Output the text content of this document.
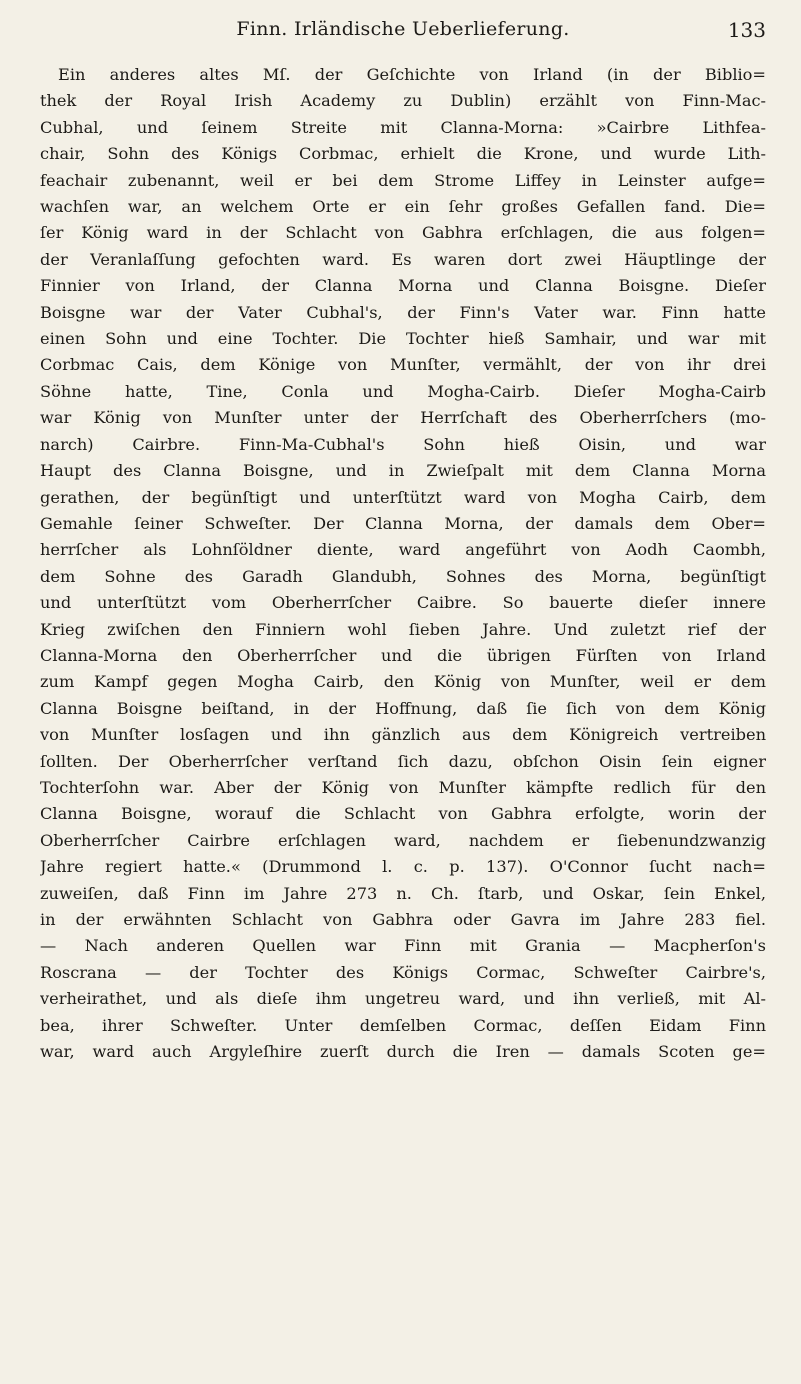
Finn. Irländische Ueberlieferung.	133
Ein anderes altes Mſ. der Geſchichte von Irland (in der Biblio=
thek der Royal Irish Academy zu Dublin) erzählt von Finn-Mac-
Cubhal, und ſeinem Streite mit Clanna-Morna: »Cairbre Lithfea-
chair, Sohn des Königs Corbmac, erhielt die Krone, und wurde Lith-
feachair zubenannt, weil er bei dem Strome Liffey in Leinster aufge=
wachſen war, an welchem Orte er ein ſehr großes Gefallen fand. Die=
ſer König ward in der Schlacht von Gabhra erſchlagen, die aus folgen=
der Veranlaſſung gefochten ward. Es waren dort zwei Häuptlinge der
Finnier von Irland, der Clanna Morna und Clanna Boisgne. Dieſer
Boisgne war der Vater Cubhal's, der Finn's Vater war. Finn hatte
einen Sohn und eine Tochter. Die Tochter hieß Samhair, und war mit
Corbmac Cais, dem Könige von Munſter, vermählt, der von ihr drei
Söhne hatte, Tine, Conla und Mogha-Cairb. Dieſer Mogha-Cairb
war König von Munſter unter der Herrſchaft des Oberherrſchers (mo-
narch) Cairbre. Finn-Ma-Cubhal's Sohn hieß Oisin, und war
Haupt des Clanna Boisgne, und in Zwieſpalt mit dem Clanna Morna
gerathen, der begünſtigt und unterſtützt ward von Mogha Cairb, dem
Gemahle ſeiner Schweſter. Der Clanna Morna, der damals dem Ober=
herrſcher als Lohnſöldner diente, ward angeführt von Aodh Caombh,
dem Sohne des Garadh Glandubh, Sohnes des Morna, begünſtigt
und unterſtützt vom Oberherrſcher Caibre. So bauerte dieſer innere
Krieg zwiſchen den Finniern wohl ſieben Jahre. Und zuletzt rief der
Clanna-Morna den Oberherrſcher und die übrigen Fürſten von Irland
zum Kampf gegen Mogha Cairb, den König von Munſter, weil er dem
Clanna Boisgne beiſtand, in der Hoffnung, daß ſie ſich von dem König
von Munſter losſagen und ihn gänzlich aus dem Königreich vertreiben
ſollten. Der Oberherrſcher verſtand ſich dazu, obſchon Oisin ſein eigner
Tochterſohn war. Aber der König von Munſter kämpfte redlich für den
Clanna Boisgne, worauf die Schlacht von Gabhra erfolgte, worin der
Oberherrſcher Cairbre erſchlagen ward, nachdem er ſiebenundzwanzig
Jahre regiert hatte.« (Drummond l. c. p. 137). O'Connor ſucht nach=
zuweiſen, daß Finn im Jahre 273 n. Ch. ſtarb, und Oskar, ſein Enkel,
in der erwähnten Schlacht von Gabhra oder Gavra im Jahre 283 fiel.
— Nach anderen Quellen war Finn mit Grania — Macpherſon's
Roscrana — der Tochter des Königs Cormac, Schweſter Cairbre's,
verheirathet, und als dieſe ihm ungetreu ward, und ihn verließ, mit Al-
bea, ihrer Schweſter. Unter demſelben Cormac, deſſen Eidam Finn
war, ward auch Argyleſhire zuerſt durch die Iren — damals Scoten ge=
